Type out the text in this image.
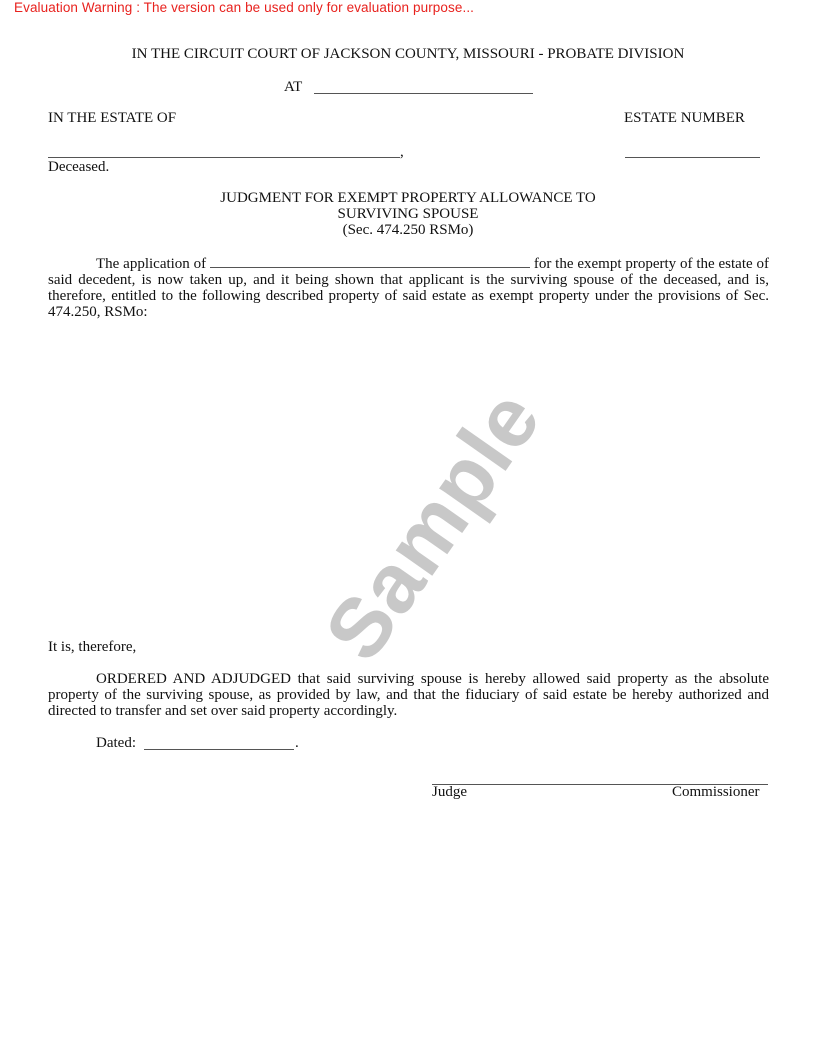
Evaluation Warning : The version can be used only for evaluation purpose...
IN THE CIRCUIT COURT OF JACKSON COUNTY, MISSOURI - PROBATE DIVISION
AT
IN THE ESTATE OF	ESTATE NUMBER
,
Deceased.
JUDGMENT FOR EXEMPT PROPERTY ALLOWANCE TO
SURVIVING SPOUSE
(Sec. 474.250 RSMo)
The application of	for the exempt property of the estate of said decedent, is now taken up, and it being shown that applicant is the surviving spouse of the deceased, and is, therefore, entitled to the following described property of said estate as exempt property under the provisions of Sec. 474.250, RSMo:
Sample
It is, therefore,
ORDERED AND ADJUDGED that said surviving spouse is hereby allowed said property as the absolute property of the surviving spouse, as provided by law, and that the fiduciary of said estate be hereby authorized and directed to transfer and set over said property accordingly.
Dated:	.
Judge	Commissioner
